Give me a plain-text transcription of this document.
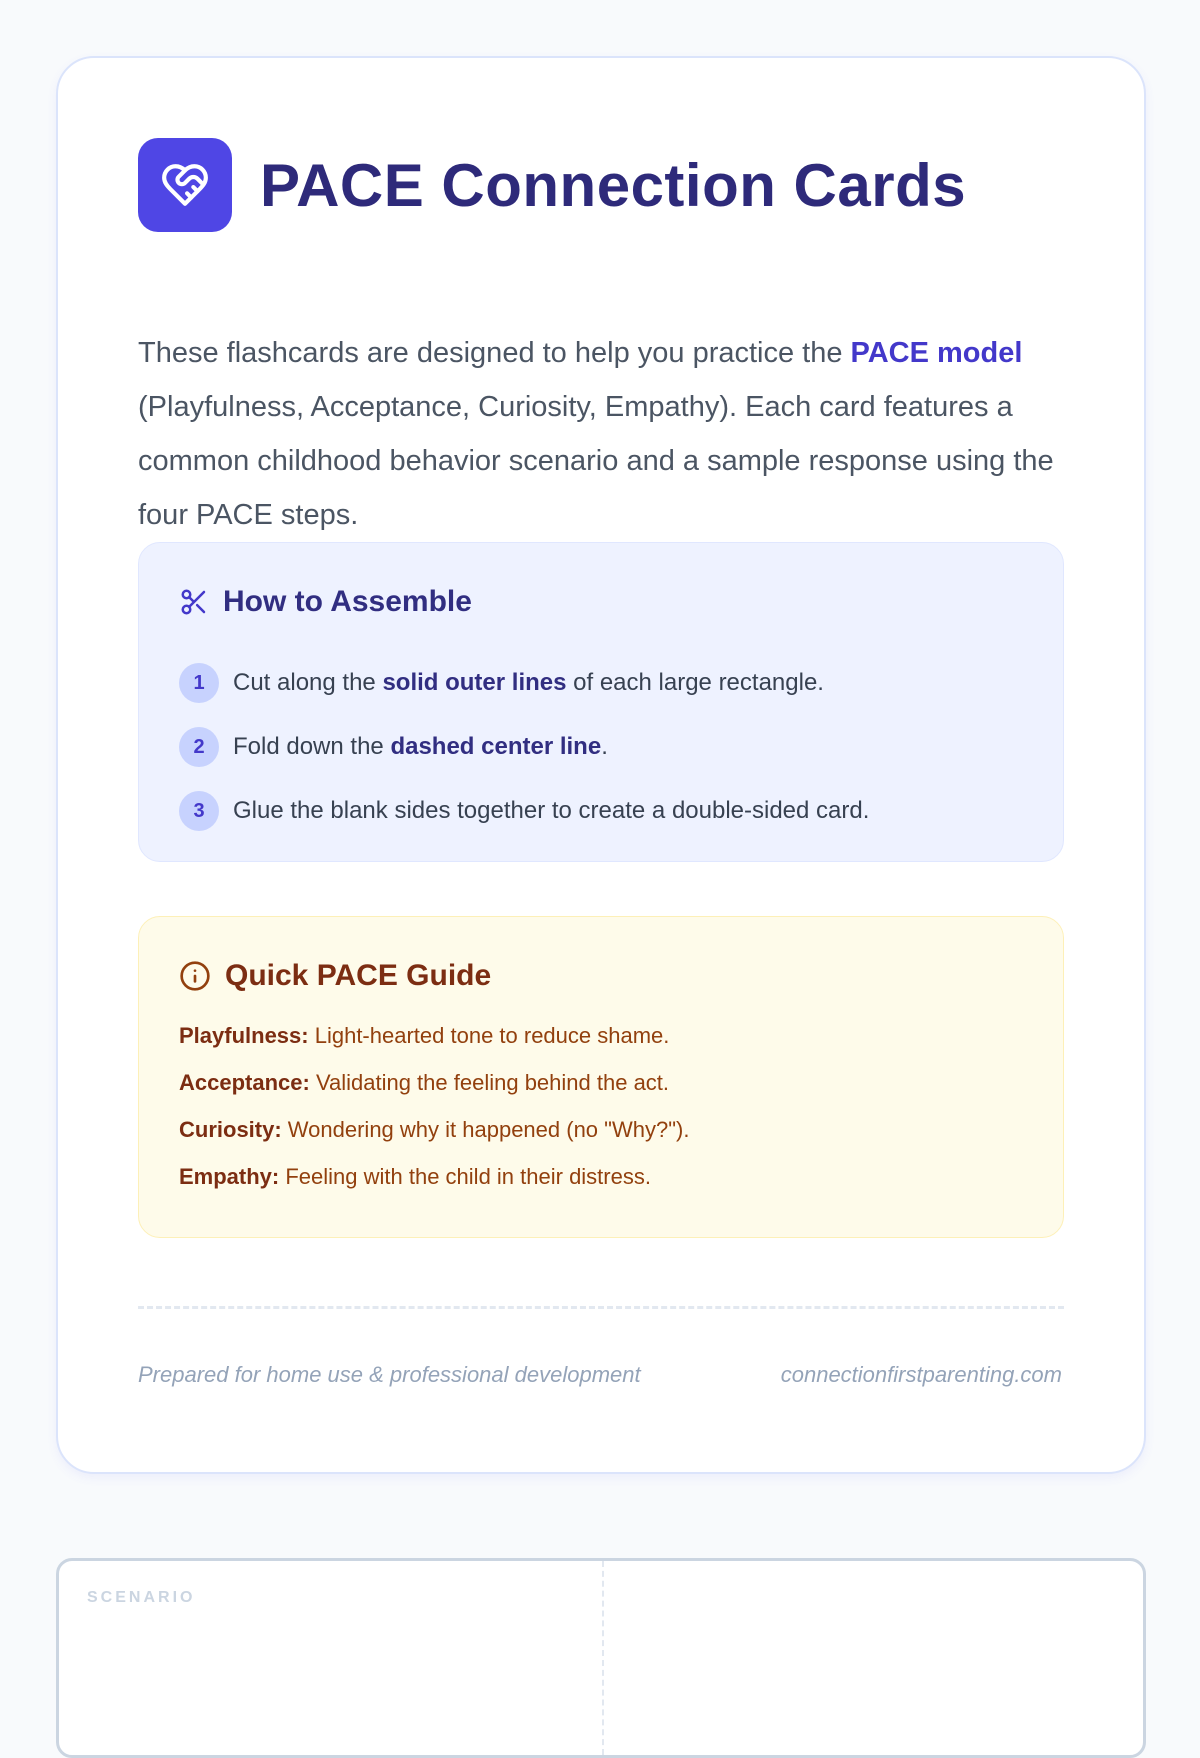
PACE Connection Cards

These flashcards are designed to help you practice the PACE model (Playfulness, Acceptance, Curiosity, Empathy). Each card features a common childhood behavior scenario and a sample response using the four PACE steps.

How to Assemble
1	Cut along the solid outer lines of each large rectangle.
2	Fold down the dashed center line.
3	Glue the blank sides together to create a double-sided card.
Quick PACE Guide
Playfulness: Light-hearted tone to reduce shame.
Acceptance: Validating the feeling behind the act.
Curiosity: Wondering why it happened (no "Why?").
Empathy: Feeling with the child in their distress.
Prepared for home use & professional development	connectionfirstparenting.com
SCENARIO
